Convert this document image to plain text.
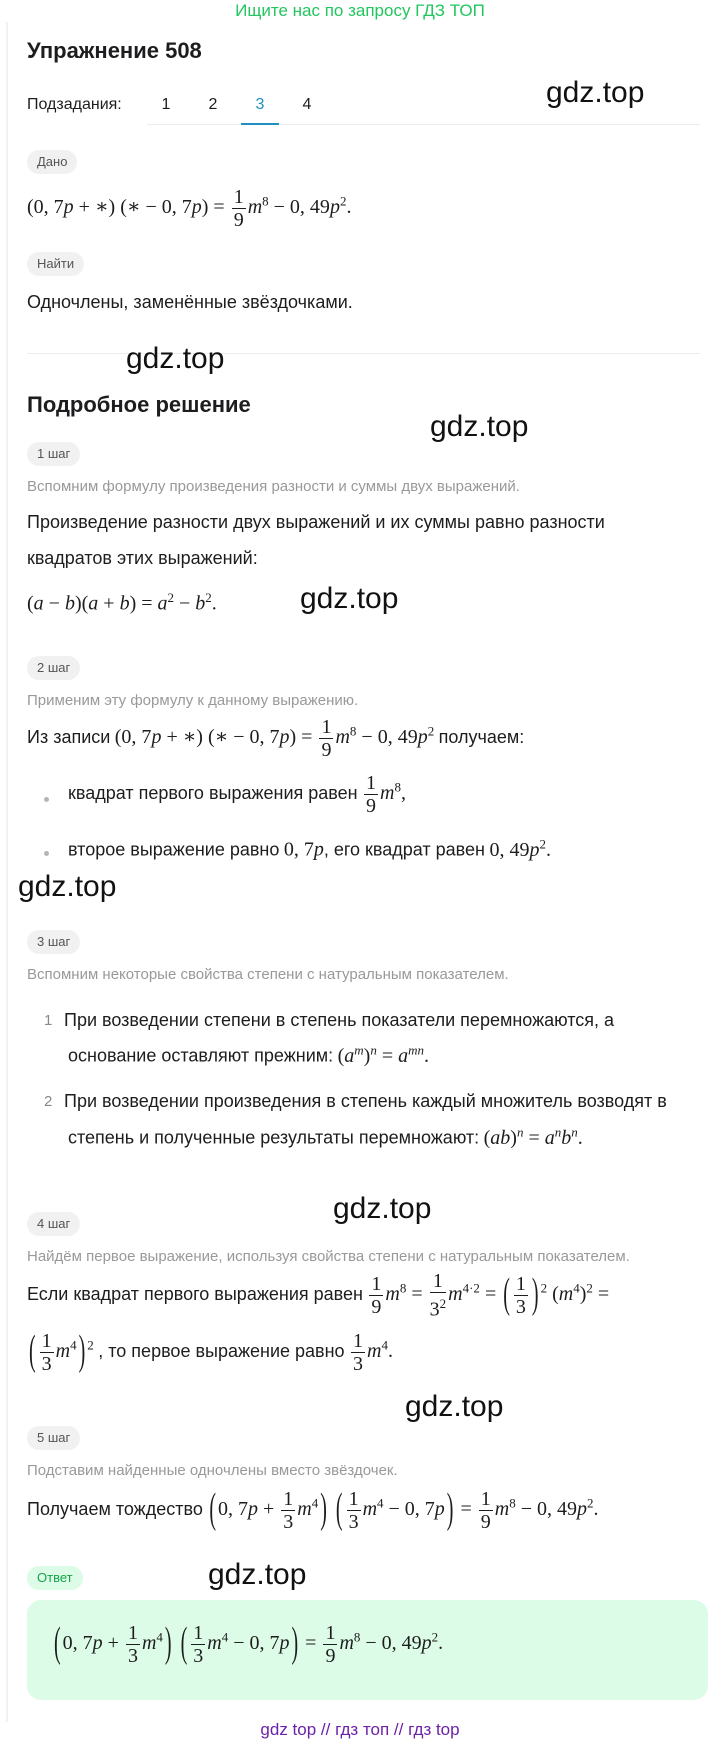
Ищите нас по запросу ГДЗ ТОП
Упражнение 508
Подзадания:	1	2	3	4
Дано
(0, 7p + ∗) (∗ − 0, $7p) = \frac{1}{9} m^8 - 0$, $49p^2$.
Найти
Одночлены, заменённые звёздочками.
Подробное решение
1 шаг
Вспомним формулу произведения разности и суммы двух выражений.
Произведение разности двух выражений и их суммы равно разности
квадратов этих выражений:
$(a - b)(a + b) = a^2 - b^2$.
2 шаг
Применим эту формулу к данному выражению.
Из записи (0, 7p + ∗) (∗ − 0, $7p) = \frac{1}{9} m^8 - 0$, $49p^2$ получаем:
квадрат первого выражения равен $\frac{1}{9} m^8$,
второе выражение равно 0, 7p, его квадрат равен 0, $49p^2$.
3 шаг
Вспомним некоторые свойства степени с натуральным показателем.
1 При возведении степени в степень показатели перемножаются, а
основание оставляют прежним: $(a^m)^n = a^{mn}$.
2 При возведении произведения в степень каждый множитель возводят в
степень и полученные результаты перемножают: $(ab)^n = a^nb^n$.
4 шаг
Найдём первое выражение, используя свойства степени с натуральным показателем.
Если квадрат первого выражения равен $\frac{1}{9} m^8 = \frac{1}{3^2} m^{4\cdot 2}$ = ( $\frac{1}{3}$ ) $^2$ $(m^4)^2$ =
( $\frac{1}{3} m^4$ ) $^2$ , то первое выражение равно $\frac{1}{3} m^4$.
5 шаг
Подставим найденные одночлены вместо звёздочек.
Получаем тождество ( 0, $7p + \frac{1}{3} m^4$ ) ( $\frac{1}{3} m^4 - 0$, 7p ) = $\frac{1}{9} m^8 - 0$, $49p^2$.
Ответ
( 0, $7p + \frac{1}{3} m^4$ ) ( $\frac{1}{3} m^4 - 0$, 7p ) = $\frac{1}{9} m^8 - 0$, $49p^2$.
gdz.top
gdz.top
gdz.top
gdz.top
gdz.top
gdz.top
gdz.top
gdz.top
gdz top // гдз топ // гдз top
